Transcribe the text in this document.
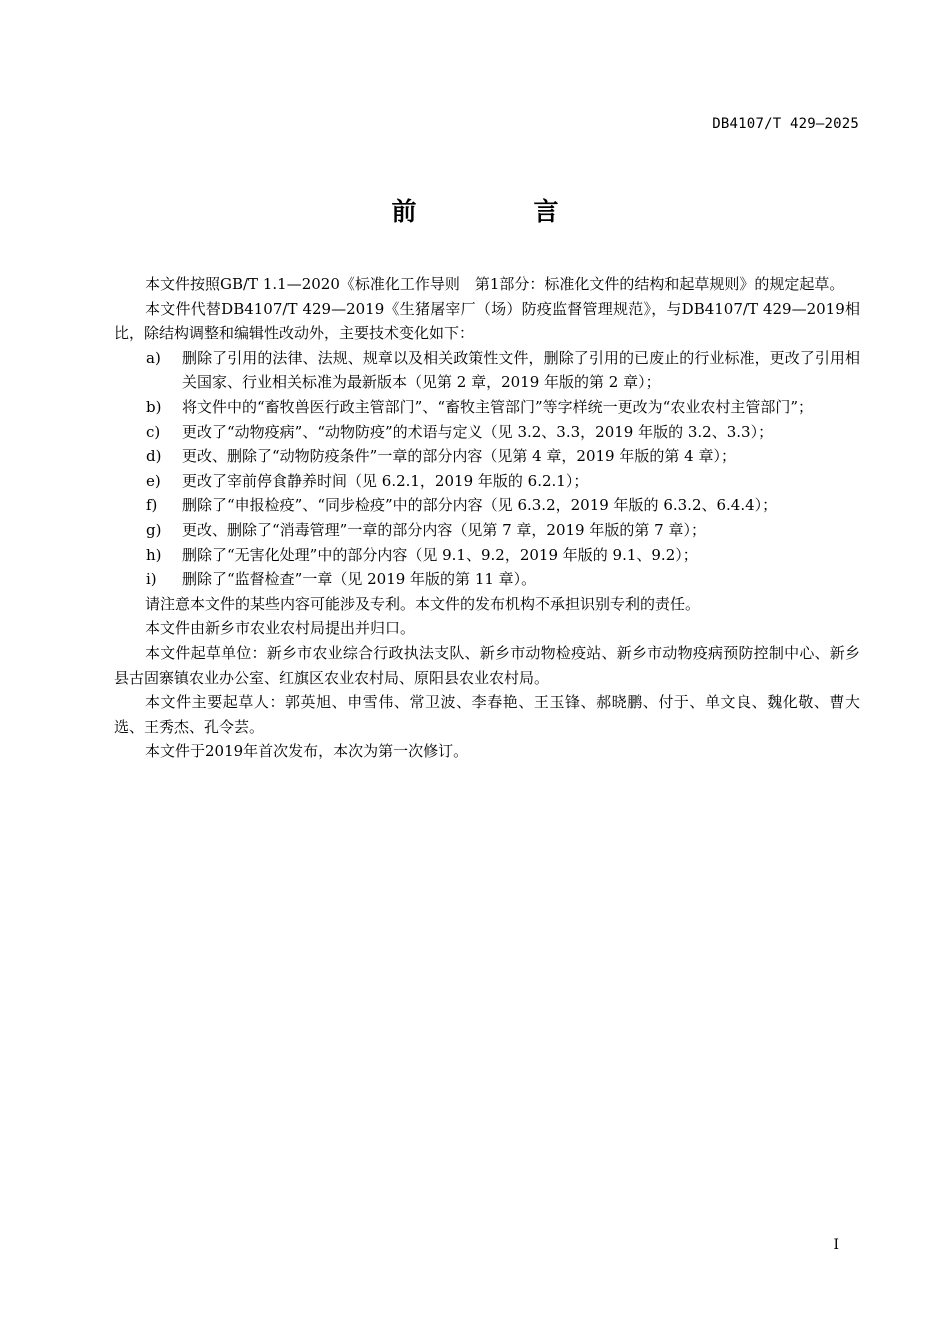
DB4107/T 429—2025
前　言

本文件按照GB/T 1.1—2020《标准化工作导则　第1部分：标准化文件的结构和起草规则》的规定起草。

本文件代替DB4107/T 429—2019《生猪屠宰厂（场）防疫监督管理规范》，与DB4107/T 429—2019相比，除结构调整和编辑性改动外，主要技术变化如下：

a) 删除了引用的法律、法规、规章以及相关政策性文件，删除了引用的已废止的行业标准，更改了引用相关国家、行业相关标准为最新版本（见第 2 章，2019 年版的第 2 章）；
b) 将文件中的“畜牧兽医行政主管部门”、“畜牧主管部门”等字样统一更改为“农业农村主管部门”；
c) 更改了“动物疫病”、“动物防疫”的术语与定义（见 3.2、3.3，2019 年版的 3.2、3.3）；
d) 更改、删除了“动物防疫条件”一章的部分内容（见第 4 章，2019 年版的第 4 章）；
e) 更改了宰前停食静养时间（见 6.2.1，2019 年版的 6.2.1）；
f) 删除了“申报检疫”、“同步检疫”中的部分内容（见 6.3.2，2019 年版的 6.3.2、6.4.4）；
g) 更改、删除了“消毒管理”一章的部分内容（见第 7 章，2019 年版的第 7 章）；
h) 删除了“无害化处理”中的部分内容（见 9.1、9.2，2019 年版的 9.1、9.2）；
i) 删除了“监督检查”一章（见 2019 年版的第 11 章）。

请注意本文件的某些内容可能涉及专利。本文件的发布机构不承担识别专利的责任。

本文件由新乡市农业农村局提出并归口。

本文件起草单位：新乡市农业综合行政执法支队、新乡市动物检疫站、新乡市动物疫病预防控制中心、新乡县古固寨镇农业办公室、红旗区农业农村局、原阳县农业农村局。

本文件主要起草人：郭英旭、申雪伟、常卫波、李春艳、王玉锋、郝晓鹏、付于、单文良、魏化敬、曹大选、王秀杰、孔令芸。

本文件于2019年首次发布，本次为第一次修订。

I
